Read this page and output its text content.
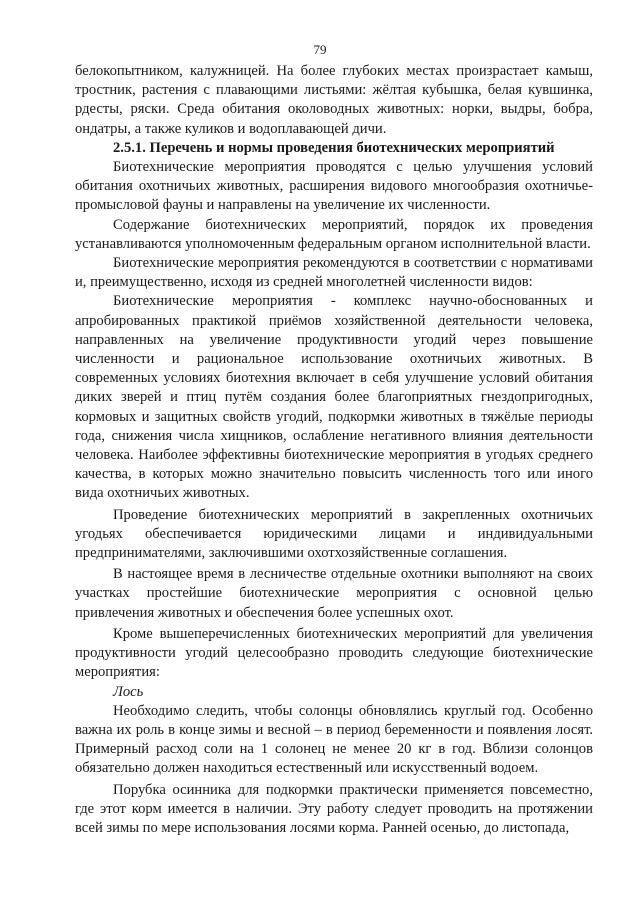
79

белокопытником, калужницей. На более глубоких местах произрастает камыш, тростник, растения с плавающими листьями: жёлтая кубышка, белая кувшинка, рдесты, ряски. Среда обитания околоводных животных: норки, выдры, бобра, ондатры, а также куликов и водоплавающей дичи.

2.5.1. Перечень и нормы проведения биотехнических мероприятий

Биотехнические мероприятия проводятся с целью улучшения условий обитания охотничьих животных, расширения видового многообразия охотничье-промысловой фауны и направлены на увеличение их численности.

Содержание биотехнических мероприятий, порядок их проведения устанавливаются уполномоченным федеральным органом исполнительной власти.

Биотехнические мероприятия рекомендуются в соответствии с нормативами и, преимущественно, исходя из средней многолетней численности видов:

Биотехнические мероприятия - комплекс научно-обоснованных и апробированных практикой приёмов хозяйственной деятельности человека, направленных на увеличение продуктивности угодий через повышение численности и рациональное использование охотничьих животных. В современных условиях биотехния включает в себя улучшение условий обитания диких зверей и птиц путём создания более благоприятных гнездопригодных, кормовых и защитных свойств угодий, подкормки животных в тяжёлые периоды года, снижения числа хищников, ослабление негативного влияния деятельности человека. Наиболее эффективны биотехнические мероприятия в угодьях среднего качества, в которых можно значительно повысить численность того или иного вида охотничьих животных.

Проведение биотехнических мероприятий в закрепленных охотничьих угодьях обеспечивается юридическими лицами и индивидуальными предпринимателями, заключившими охотхозяйственные соглашения.

В настоящее время в лесничестве отдельные охотники выполняют на своих участках простейшие биотехнические мероприятия с основной целью привлечения животных и обеспечения более успешных охот.

Кроме вышеперечисленных биотехнических мероприятий для увеличения продуктивности угодий целесообразно проводить следующие биотехнические мероприятия:

Лось

Необходимо следить, чтобы солонцы обновлялись круглый год. Особенно важна их роль в конце зимы и весной – в период беременности и появления лосят. Примерный расход соли на 1 солонец не менее 20 кг в год. Вблизи солонцов обязательно должен находиться естественный или искусственный водоем.

Порубка осинника для подкормки практически применяется повсеместно, где этот корм имеется в наличии. Эту работу следует проводить на протяжении всей зимы по мере использования лосями корма. Ранней осенью, до листопада,
